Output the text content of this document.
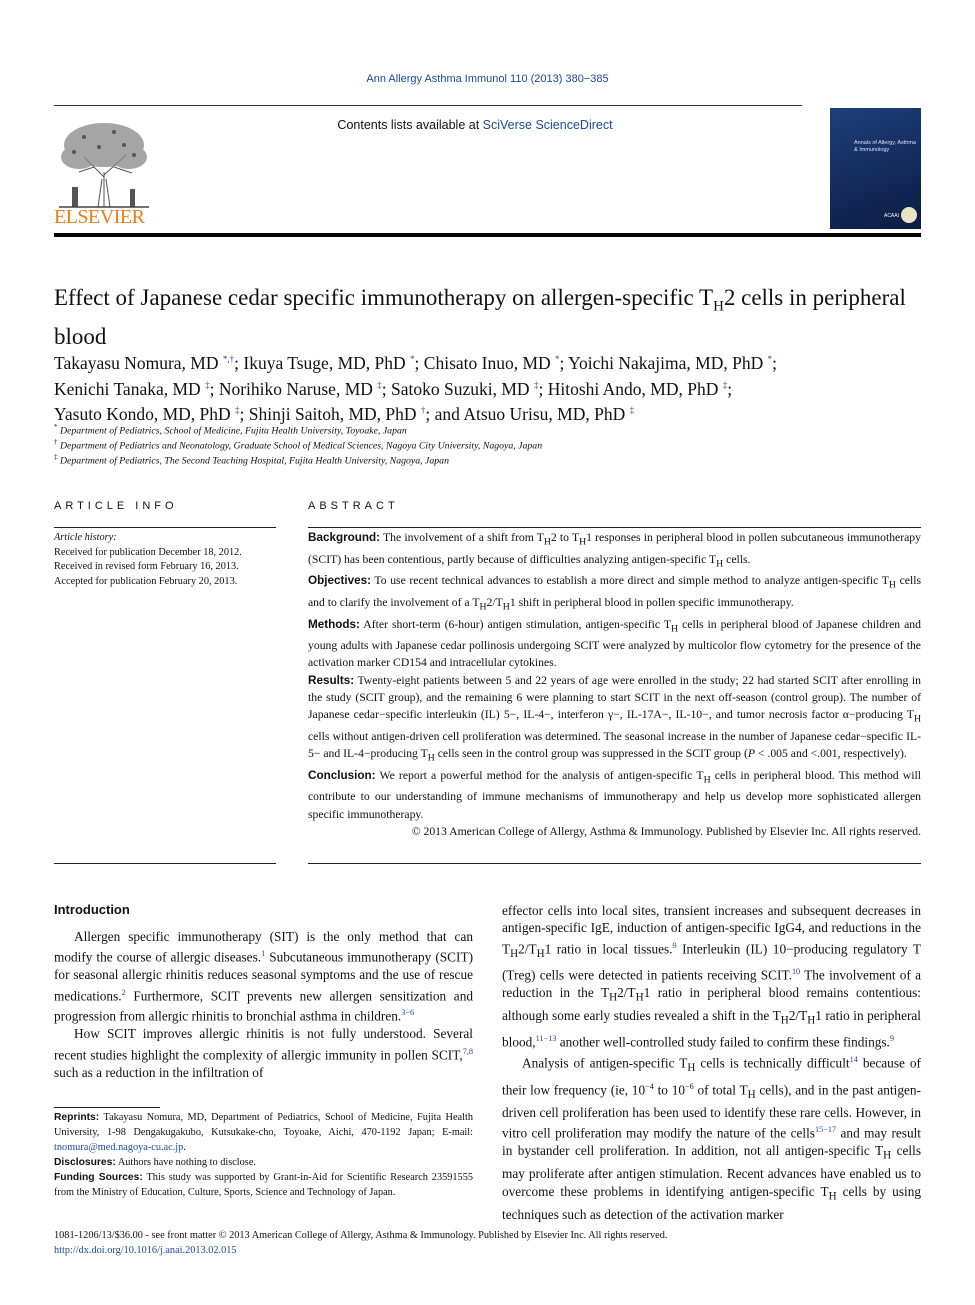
Ann Allergy Asthma Immunol 110 (2013) 380−385
ELSEVIER
Contents lists available at SciVerse ScienceDirect
Annals of Allergy, Asthma & Immunology
ACAAI
Effect of Japanese cedar specific immunotherapy on allergen-specific $T_H2$ cells in peripheral blood
Takayasu Nomura, MD *,†; Ikuya Tsuge, MD, PhD *; Chisato Inuo, MD *; Yoichi Nakajima, MD, PhD *;
Kenichi Tanaka, MD ‡; Norihiko Naruse, MD ‡; Satoko Suzuki, MD ‡; Hitoshi Ando, MD, PhD ‡;
Yasuto Kondo, MD, PhD ‡; Shinji Saitoh, MD, PhD †; and Atsuo Urisu, MD, PhD ‡
* Department of Pediatrics, School of Medicine, Fujita Health University, Toyoake, Japan
† Department of Pediatrics and Neonatology, Graduate School of Medical Sciences, Nagoya City University, Nagoya, Japan
‡ Department of Pediatrics, The Second Teaching Hospital, Fujita Health University, Nagoya, Japan
ARTICLE INFO
Article history:
Received for publication December 18, 2012.
Received in revised form February 16, 2013.
Accepted for publication February 20, 2013.
ABSTRACT

Background: The involvement of a shift from $T_H2$ to $T_H1$ responses in peripheral blood in pollen subcutaneous immunotherapy (SCIT) has been contentious, partly because of difficulties analyzing antigen-specific $T_H$ cells.

Objectives: To use recent technical advances to establish a more direct and simple method to analyze antigen-specific $T_H$ cells and to clarify the involvement of a $T_H2/T_H1$ shift in peripheral blood in pollen specific immunotherapy.

Methods: After short-term (6-hour) antigen stimulation, antigen-specific $T_H$ cells in peripheral blood of Japanese children and young adults with Japanese cedar pollinosis undergoing SCIT were analyzed by multicolor flow cytometry for the presence of the activation marker CD154 and intracellular cytokines.

Results: Twenty-eight patients between 5 and 22 years of age were enrolled in the study; 22 had started SCIT after enrolling in the study (SCIT group), and the remaining 6 were planning to start SCIT in the next off-season (control group). The number of Japanese cedar−specific interleukin (IL) 5−, IL-4−, interferon γ−, IL-17A−, IL-10−, and tumor necrosis factor α−producing $T_H$ cells without antigen-driven cell proliferation was determined. The seasonal increase in the number of Japanese cedar−specific IL-5− and IL-4−producing $T_H$ cells seen in the control group was suppressed in the SCIT group (P < .005 and <.001, respectively).

Conclusion: We report a powerful method for the analysis of antigen-specific $T_H$ cells in peripheral blood. This method will contribute to our understanding of immune mechanisms of immunotherapy and help us develop more sophisticated allergen specific immunotherapy.

© 2013 American College of Allergy, Asthma & Immunology. Published by Elsevier Inc. All rights reserved.

Introduction

Allergen specific immunotherapy (SIT) is the only method that can modify the course of allergic diseases.$^1$ Subcutaneous immunotherapy (SCIT) for seasonal allergic rhinitis reduces seasonal symptoms and the use of rescue medications.$^2$ Furthermore, SCIT prevents new allergen sensitization and progression from allergic rhinitis to bronchial asthma in children.$^{3-6}$

How SCIT improves allergic rhinitis is not fully understood. Several recent studies highlight the complexity of allergic immunity in pollen SCIT,$^{7,8}$ such as a reduction in the infiltration of

effector cells into local sites, transient increases and subsequent decreases in antigen-specific IgE, induction of antigen-specific IgG4, and reductions in the $T_H2/T_H1$ ratio in local tissues.$^9$ Interleukin (IL) 10−producing regulatory T (Treg) cells were detected in patients receiving SCIT.$^{10}$ The involvement of a reduction in the $T_H2/T_H1$ ratio in peripheral blood remains contentious: although some early studies revealed a shift in the $T_H2/T_H1$ ratio in peripheral blood,$^{11-13}$ another well-controlled study failed to confirm these findings.$^9$

Analysis of antigen-specific $T_H$ cells is technically difficult$^{14}$ because of their low frequency (ie, $10^{-4}$ to $10^{-6}$ of total $T_H$ cells), and in the past antigen-driven cell proliferation has been used to identify these rare cells. However, in vitro cell proliferation may modify the nature of the cells$^{15-17}$ and may result in bystander cell proliferation. In addition, not all antigen-specific $T_H$ cells may proliferate after antigen stimulation. Recent advances have enabled us to overcome these problems in identifying antigen-specific $T_H$ cells by using techniques such as detection of the activation marker

Reprints: Takayasu Nomura, MD, Department of Pediatrics, School of Medicine, Fujita Health University, 1-98 Dengakugakubo, Kutsukake-cho, Toyoake, Aichi, 470-1192 Japan; E-mail: tnomura@med.nagoya-cu.ac.jp.
Disclosures: Authors have nothing to disclose.
Funding Sources: This study was supported by Grant-in-Aid for Scientific Research 23591555 from the Ministry of Education, Culture, Sports, Science and Technology of Japan.
1081-1206/13/$36.00 - see front matter © 2013 American College of Allergy, Asthma & Immunology. Published by Elsevier Inc. All rights reserved.
http://dx.doi.org/10.1016/j.anai.2013.02.015
